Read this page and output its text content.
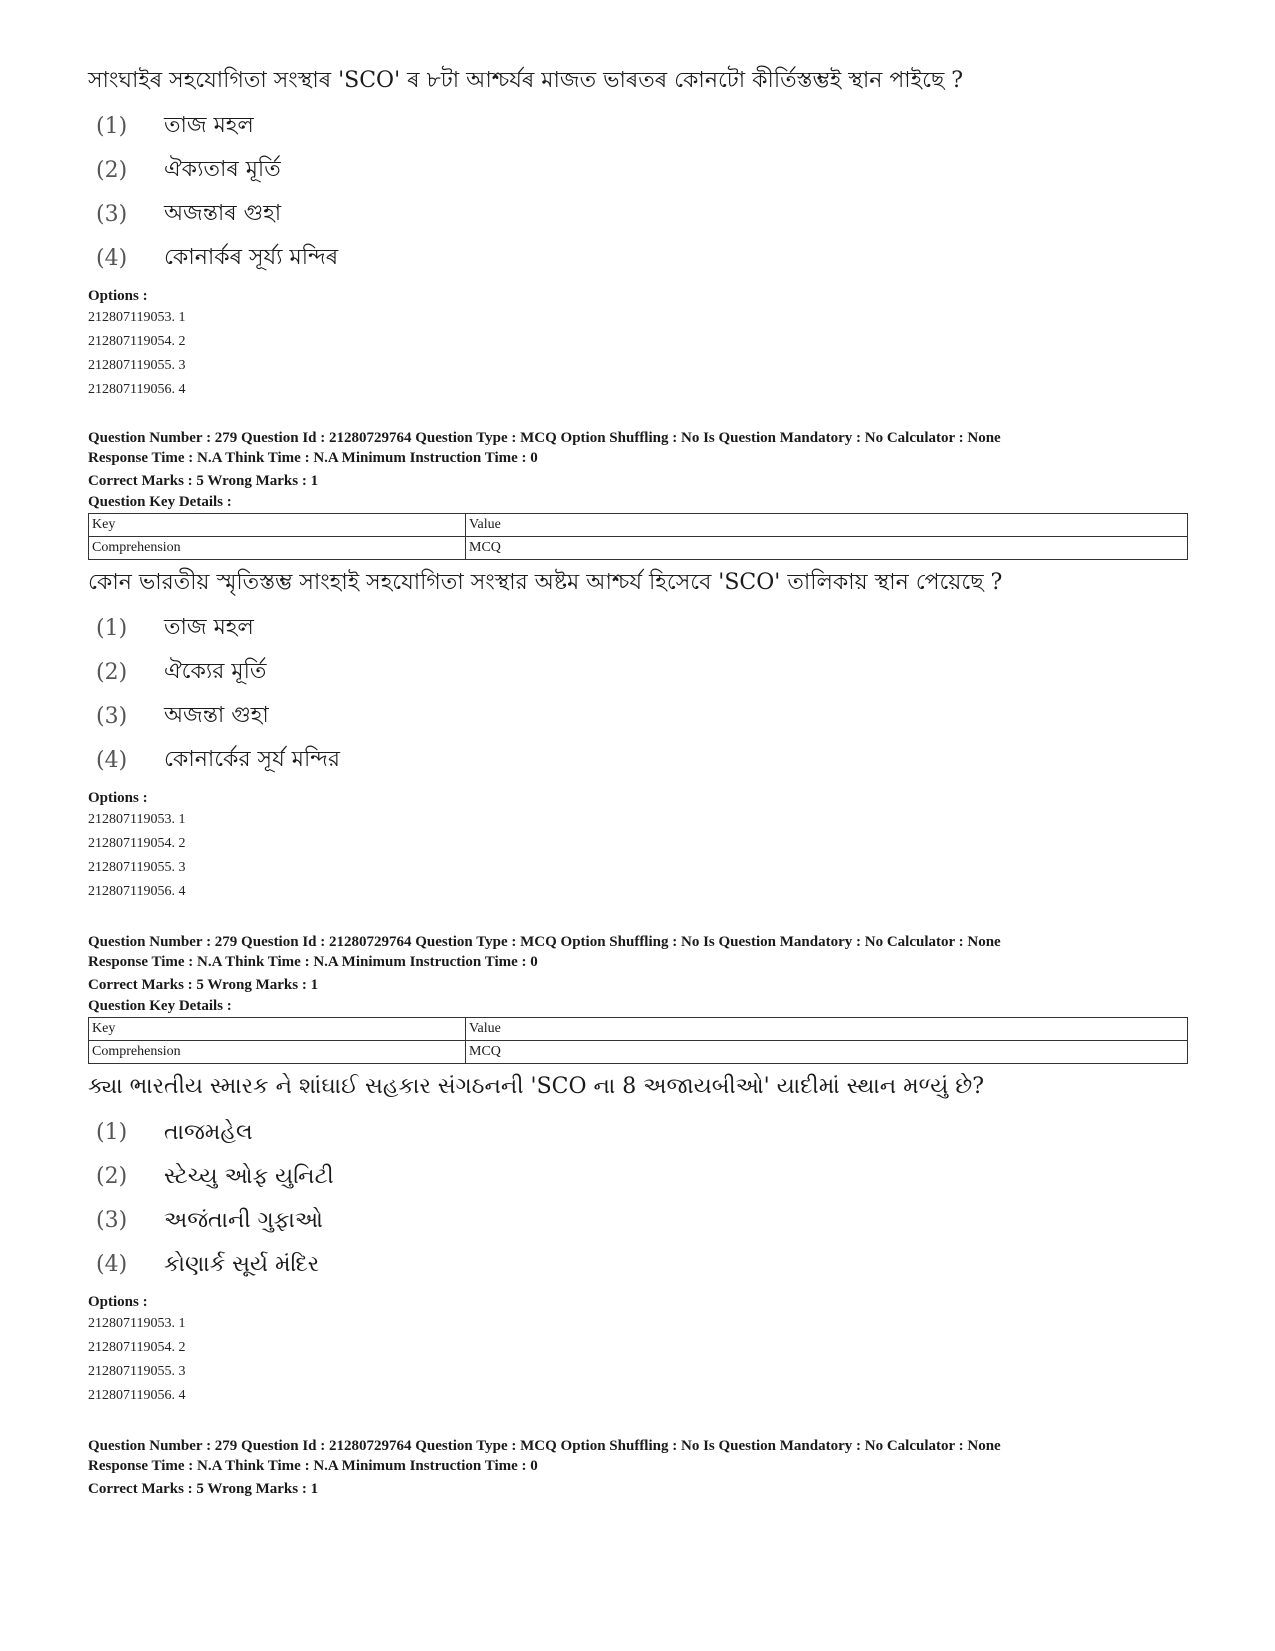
সাংঘাইৰ সহযোগিতা সংস্থাৰ 'SCO' ৰ ৮টা আশ্চৰ্যৰ মাজত ভাৰতৰ কোনটো কীৰ্তিস্তম্ভই স্থান পাইছে ?

(1)	তাজ মহল
(2)	ঐক্যতাৰ মূৰ্তি
(3)	অজন্তাৰ গুহা
(4)	কোনাৰ্কৰ সূৰ্য্য মন্দিৰ
Options :
212807119053. 1
212807119054. 2
212807119055. 3
212807119056. 4
Question Number : 279 Question Id : 21280729764 Question Type : MCQ Option Shuffling : No Is Question Mandatory : No Calculator : None
Response Time : N.A Think Time : N.A Minimum Instruction Time : 0
Correct Marks : 5 Wrong Marks : 1
Question Key Details :
Key	Value
Comprehension	MCQ

কোন ভারতীয় স্মৃতিস্তম্ভ সাংহাই সহযোগিতা সংস্থার অষ্টম আশ্চর্য হিসেবে 'SCO' তালিকায় স্থান পেয়েছে ?

(1)	তাজ মহল
(2)	ঐক্যের মূর্তি
(3)	অজন্তা গুহা
(4)	কোনার্কের সূর্য মন্দির
Options :
212807119053. 1
212807119054. 2
212807119055. 3
212807119056. 4
Question Number : 279 Question Id : 21280729764 Question Type : MCQ Option Shuffling : No Is Question Mandatory : No Calculator : None
Response Time : N.A Think Time : N.A Minimum Instruction Time : 0
Correct Marks : 5 Wrong Marks : 1
Question Key Details :
Key	Value
Comprehension	MCQ

ક્યા ભારતીય સ્મારક ને શાંઘાઈ સહકાર સંગઠનની 'SCO ના 8 અજાયબીઓ' યાદીમાં સ્થાન મળ્યું છે?

(1)	તાજમહેલ
(2)	સ્ટેચ્યુ ઓફ યુનિટી
(3)	અજંતાની ગુફાઓ
(4)	કોણાર્ક સૂર્ય મંદિર
Options :
212807119053. 1
212807119054. 2
212807119055. 3
212807119056. 4
Question Number : 279 Question Id : 21280729764 Question Type : MCQ Option Shuffling : No Is Question Mandatory : No Calculator : None
Response Time : N.A Think Time : N.A Minimum Instruction Time : 0
Correct Marks : 5 Wrong Marks : 1
